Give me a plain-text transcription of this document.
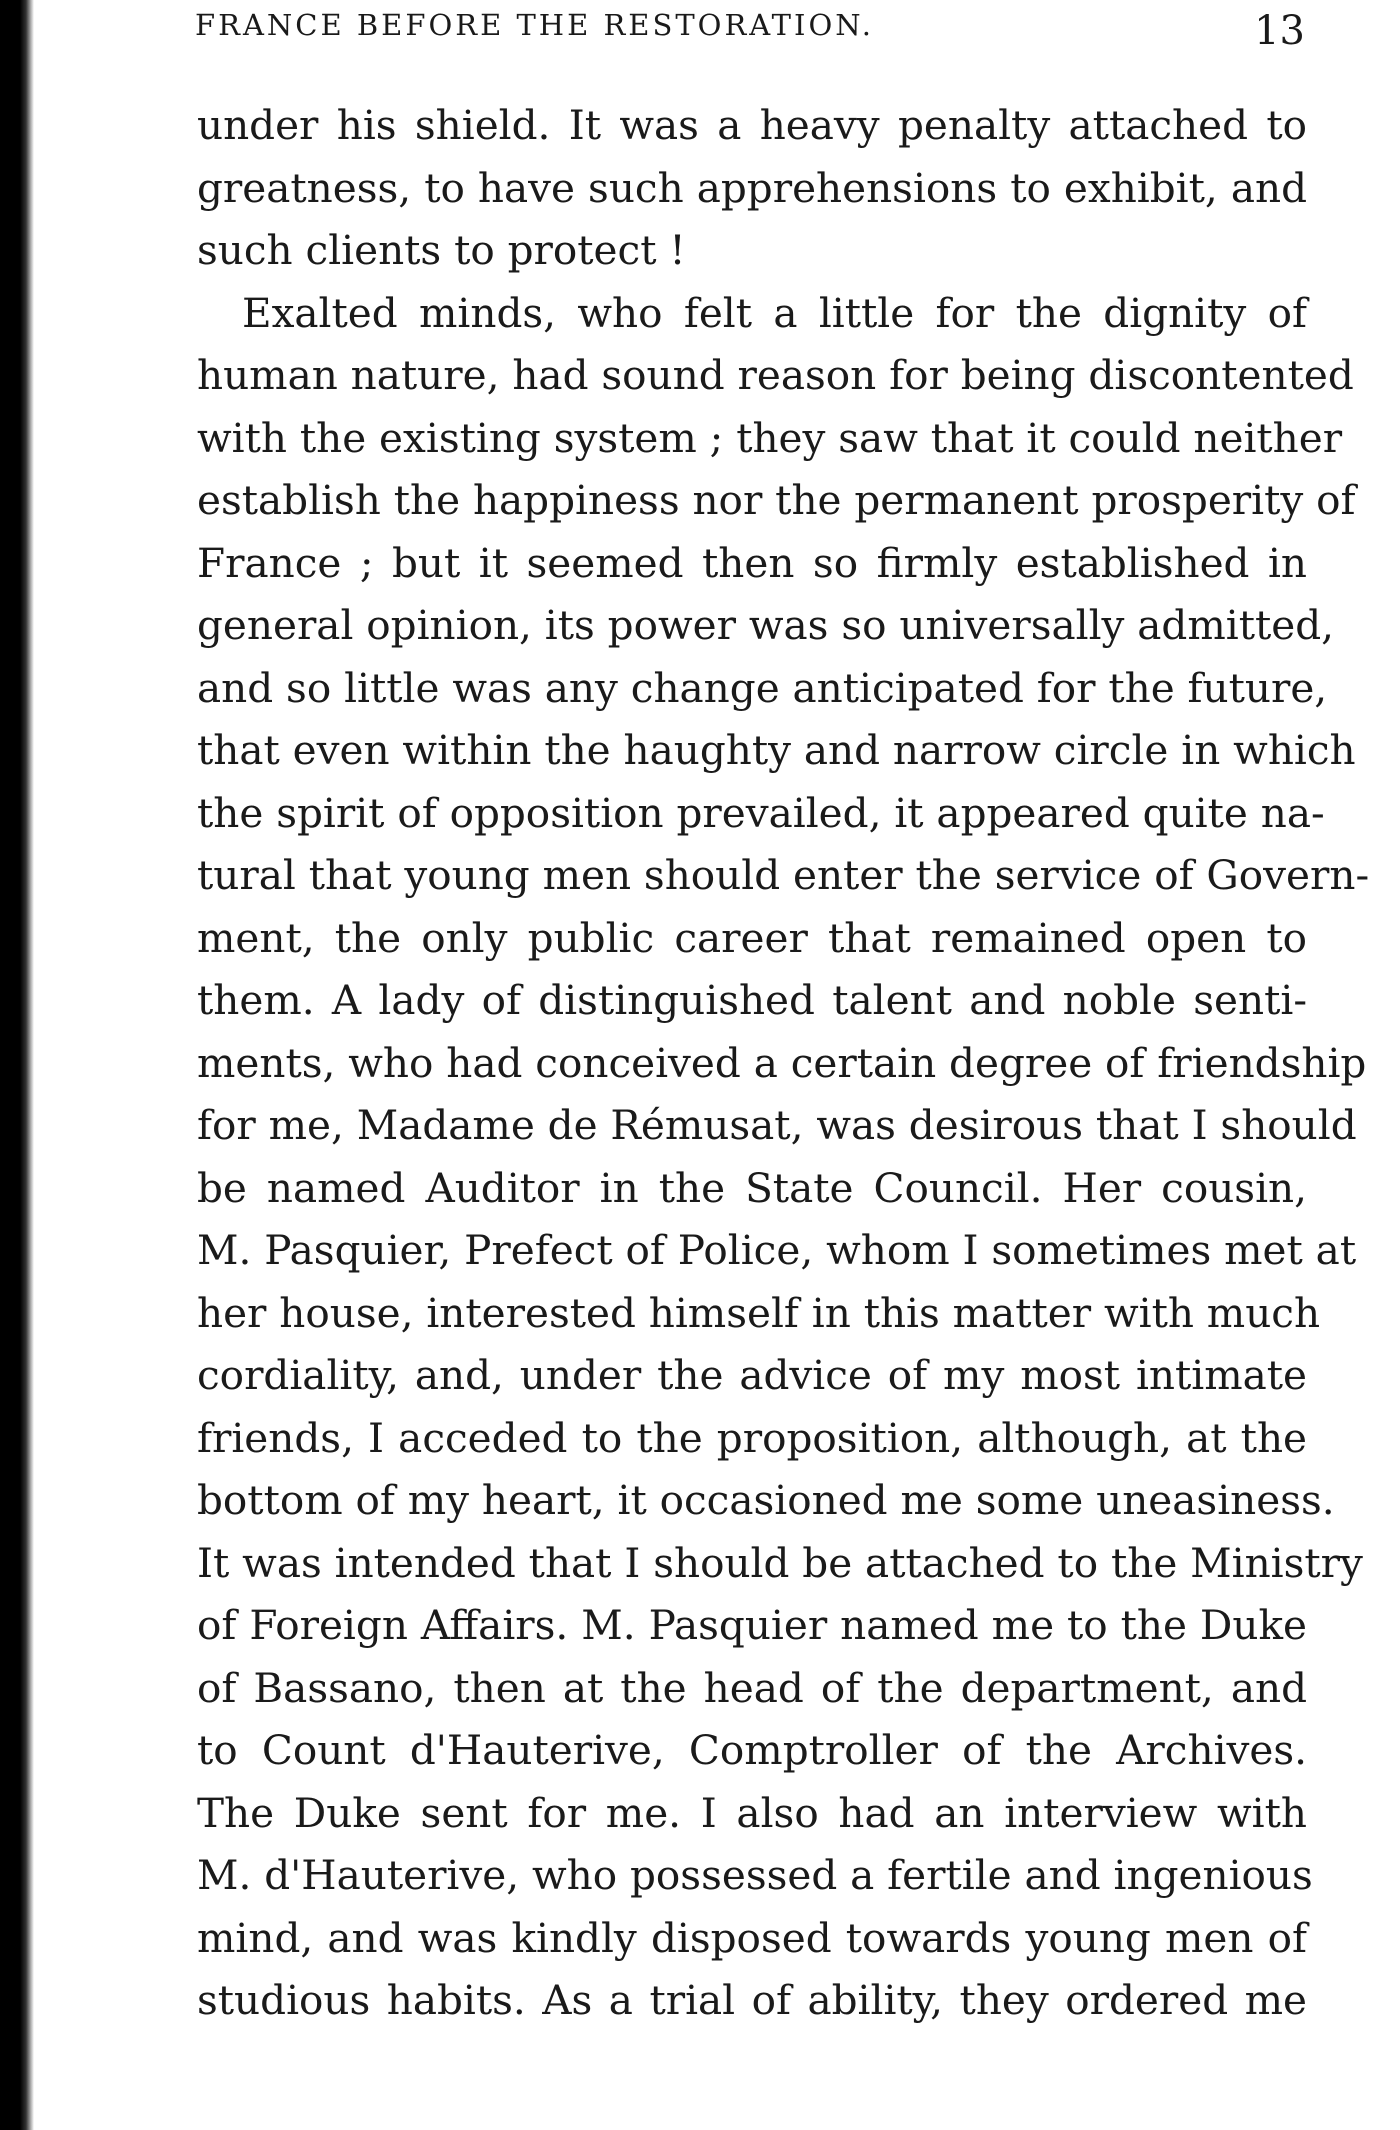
FRANCE BEFORE THE RESTORATION.	13
under his shield. It was a heavy penalty attached to
greatness, to have such apprehensions to exhibit, and
such clients to protect !
Exalted minds, who felt a little for the dignity of
human nature, had sound reason for being discontented
with the existing system ; they saw that it could neither
establish the happiness nor the permanent prosperity of
France ; but it seemed then so firmly established in
general opinion, its power was so universally admitted,
and so little was any change anticipated for the future,
that even within the haughty and narrow circle in which
the spirit of opposition prevailed, it appeared quite na-
tural that young men should enter the service of Govern-
ment, the only public career that remained open to
them. A lady of distinguished talent and noble senti-
ments, who had conceived a certain degree of friendship
for me, Madame de Rémusat, was desirous that I should
be named Auditor in the State Council. Her cousin,
M. Pasquier, Prefect of Police, whom I sometimes met at
her house, interested himself in this matter with much
cordiality, and, under the advice of my most intimate
friends, I acceded to the proposition, although, at the
bottom of my heart, it occasioned me some uneasiness.
It was intended that I should be attached to the Ministry
of Foreign Affairs. M. Pasquier named me to the Duke
of Bassano, then at the head of the department, and
to Count d'Hauterive, Comptroller of the Archives.
The Duke sent for me. I also had an interview with
M. d'Hauterive, who possessed a fertile and ingenious
mind, and was kindly disposed towards young men of
studious habits. As a trial of ability, they ordered me
